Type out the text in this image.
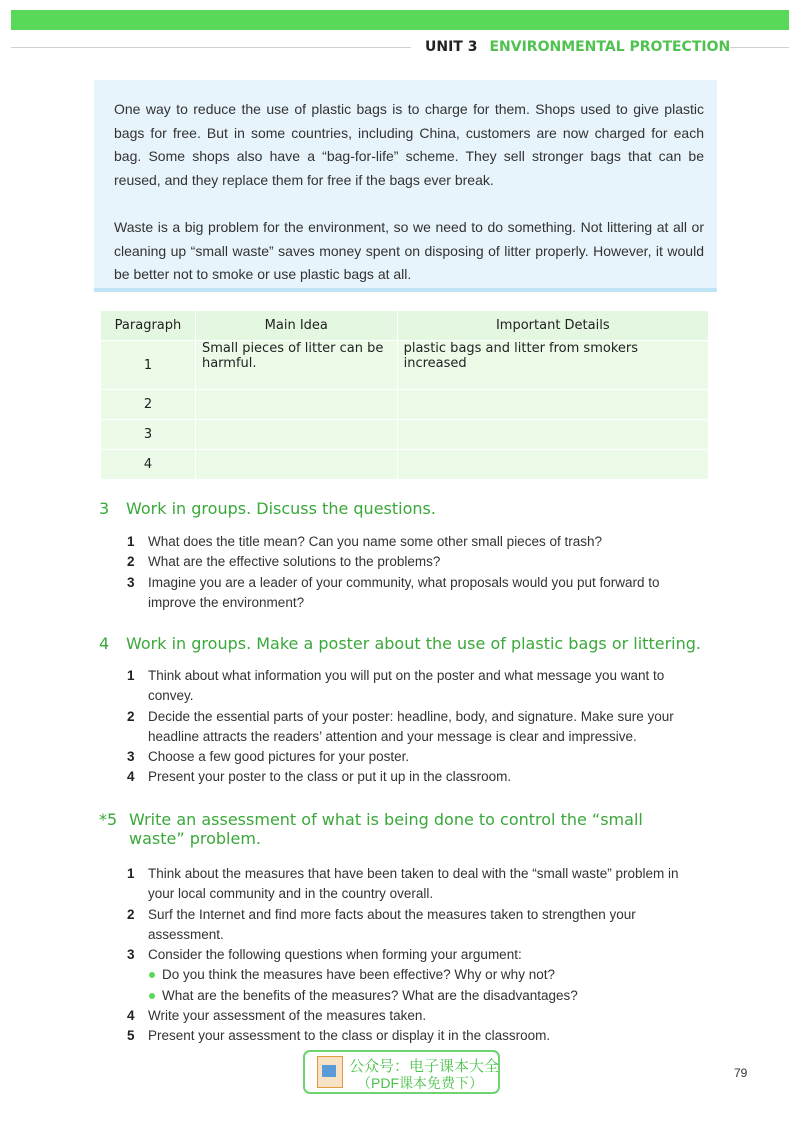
UNIT 3 ENVIRONMENTAL PROTECTION

One way to reduce the use of plastic bags is to charge for them. Shops used to give plastic bags for free. But in some countries, including China, customers are now charged for each bag. Some shops also have a “bag-for-life” scheme. They sell stronger bags that can be reused, and they replace them for free if the bags ever break.

Waste is a big problem for the environment, so we need to do something. Not littering at all or cleaning up “small waste” saves money spent on disposing of litter properly. However, it would be better not to smoke or use plastic bags at all.

Paragraph	Main Idea	Important Details
1	Small pieces of litter can be harmful.	plastic bags and litter from smokers increased
2		
3		
4		
3 Work in groups. Discuss the questions.
1 What does the title mean? Can you name some other small pieces of trash?
2 What are the effective solutions to the problems?
3 Imagine you are a leader of your community, what proposals would you put forward to improve the environment?
4 Work in groups. Make a poster about the use of plastic bags or littering.
1 Think about what information you will put on the poster and what message you want to convey.
2 Decide the essential parts of your poster: headline, body, and signature. Make sure your headline attracts the readers’ attention and your message is clear and impressive.
3 Choose a few good pictures for your poster.
4 Present your poster to the class or put it up in the classroom.
*5 Write an assessment of what is being done to control the “small waste” problem.
1 Think about the measures that have been taken to deal with the “small waste” problem in your local community and in the country overall.
2 Surf the Internet and find more facts about the measures taken to strengthen your assessment.
3 Consider the following questions when forming your argument:
Do you think the measures have been effective? Why or why not?
What are the benefits of the measures? What are the disadvantages?
4 Write your assessment of the measures taken.
5 Present your assessment to the class or display it in the classroom.
公众号：电子课本大全
（PDF课本免费下）
79
